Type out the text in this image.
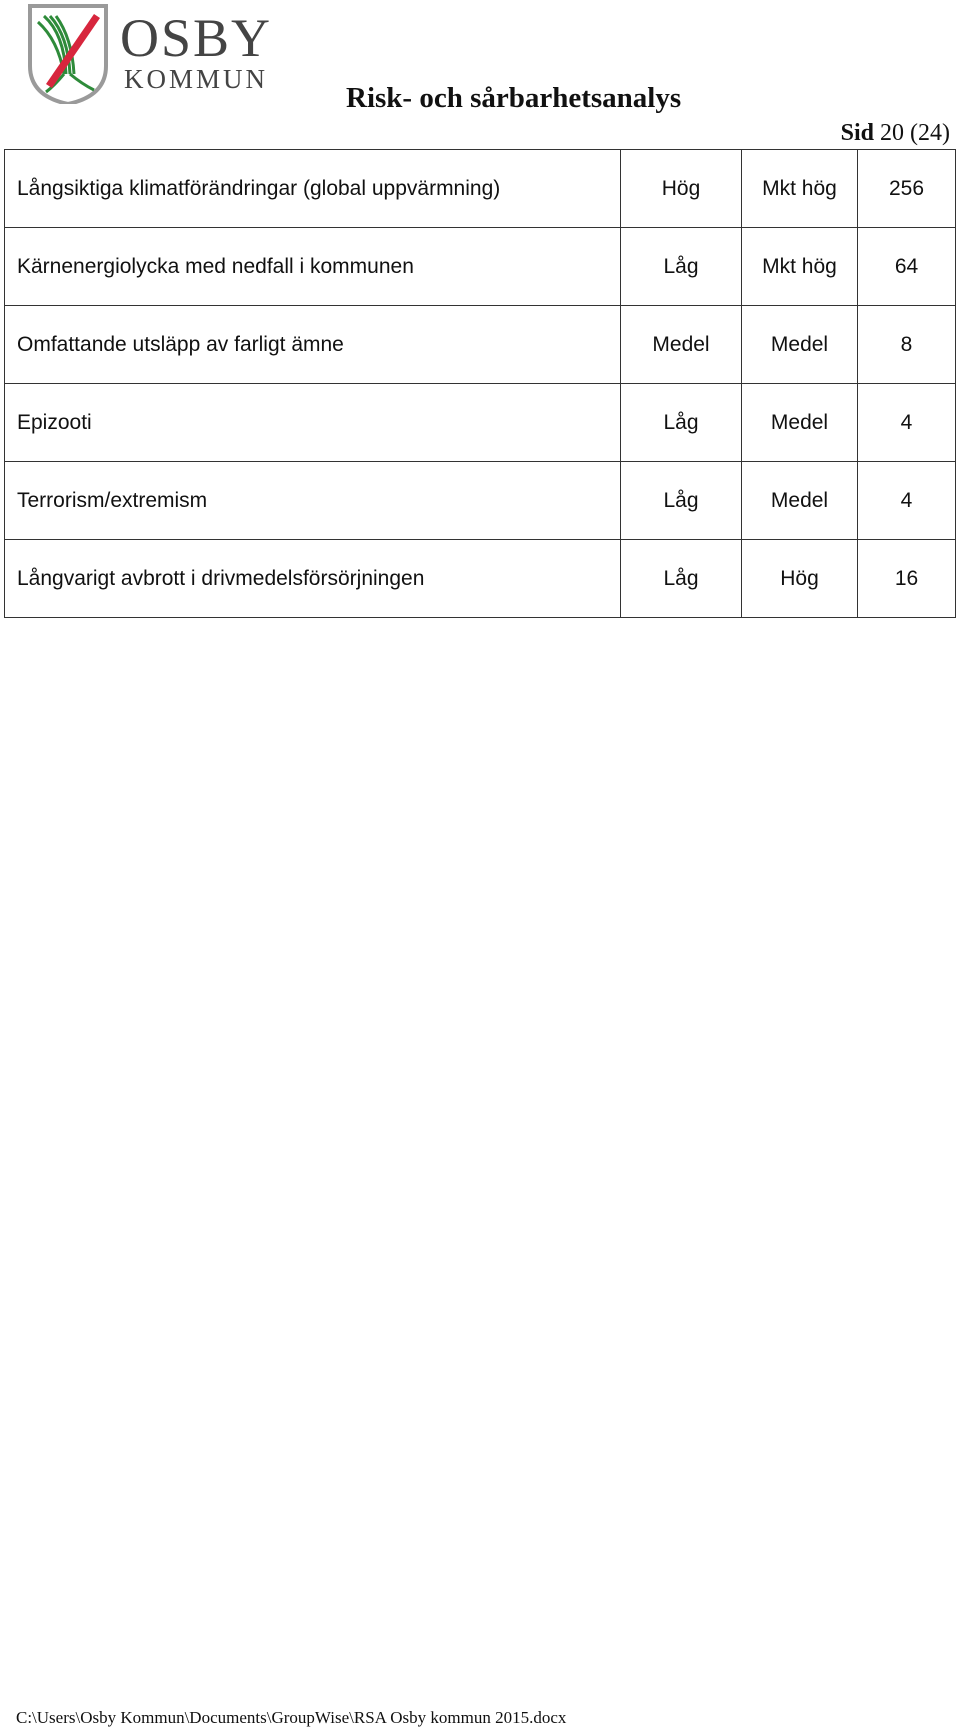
OSBY
KOMMUN
Risk- och sårbarhetsanalys
Sid 20 (24)
Långsiktiga klimatförändringar (global uppvärmning)	Hög	Mkt hög	256
Kärnenergiolycka med nedfall i kommunen	Låg	Mkt hög	64
Omfattande utsläpp av farligt ämne	Medel	Medel	8
Epizooti	Låg	Medel	4
Terrorism/extremism	Låg	Medel	4
Långvarigt avbrott i drivmedelsförsörjningen	Låg	Hög	16
C:\Users\Osby Kommun\Documents\GroupWise\RSA Osby kommun 2015.docx
